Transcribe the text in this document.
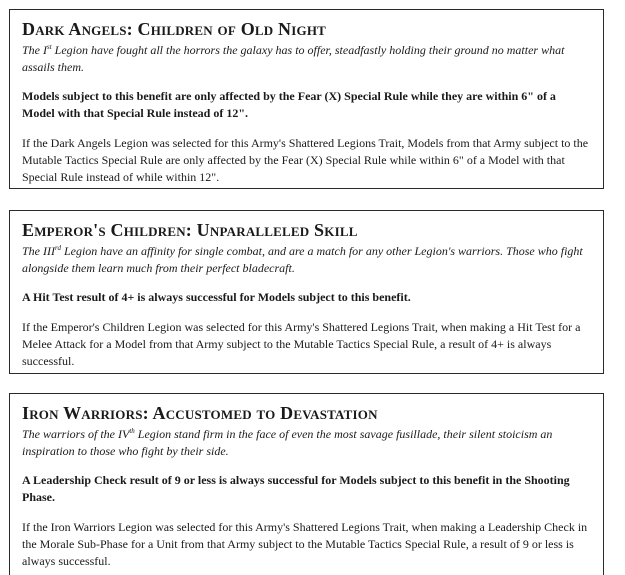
Dark Angels: Children of Old Night

The Ist Legion have fought all the horrors the galaxy has to offer, steadfastly holding their ground no matter what assails them.

Models subject to this benefit are only affected by the Fear (X) Special Rule while they are within 6" of a Model with that Special Rule instead of 12".

If the Dark Angels Legion was selected for this Army's Shattered Legions Trait, Models from that Army subject to the Mutable Tactics Special Rule are only affected by the Fear (X) Special Rule while within 6" of a Model with that Special Rule instead of while within 12".

Emperor's Children: Unparalleled Skill

The IIIrd Legion have an affinity for single combat, and are a match for any other Legion's warriors. Those who fight alongside them learn much from their perfect bladecraft.

A Hit Test result of 4+ is always successful for Models subject to this benefit.

If the Emperor's Children Legion was selected for this Army's Shattered Legions Trait, when making a Hit Test for a Melee Attack for a Model from that Army subject to the Mutable Tactics Special Rule, a result of 4+ is always successful.

Iron Warriors: Accustomed to Devastation

The warriors of the IVth Legion stand firm in the face of even the most savage fusillade, their silent stoicism an inspiration to those who fight by their side.

A Leadership Check result of 9 or less is always successful for Models subject to this benefit in the Shooting Phase.

If the Iron Warriors Legion was selected for this Army's Shattered Legions Trait, when making a Leadership Check in the Morale Sub-Phase for a Unit from that Army subject to the Mutable Tactics Special Rule, a result of 9 or less is always successful.
